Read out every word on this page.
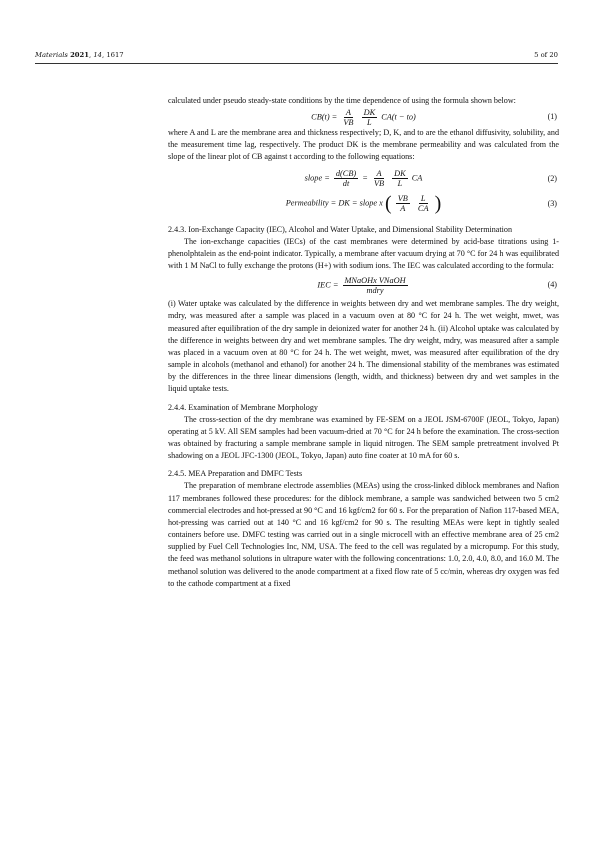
Materials 2021, 14, 1617	5 of 20

calculated under pseudo steady-state conditions by the time dependence of using the formula shown below:

$CB(t) = \frac{A}{VB}$
$\frac{DK}{L} CA(t - to)$	(1)

where A and L are the membrane area and thickness respectively; D, K, and to are the ethanol diffusivity, solubility, and the measurement time lag, respectively. The product DK is the membrane permeability and was calculated from the slope of the linear plot of CB against t according to the following equations:

slope = $\frac{d(CB)}{dt} = \frac{A}{VB}$
$\frac{DK}{L}$ CA	(2)
Permeability = DK = slope x ( $\frac{VB}{A}$
$\frac{L}{CA}$ )	(3)

2.4.3. Ion-Exchange Capacity (IEC), Alcohol and Water Uptake, and Dimensional Stability Determination

The ion-exchange capacities (IECs) of the cast membranes were determined by acid-base titrations using 1-phenolphtalein as the end-point indicator. Typically, a membrane after vacuum drying at 70 °C for 24 h was equilibrated with 1 M NaCl to fully exchange the protons (H+) with sodium ions. The IEC was calculated according to the formula:

IEC = $\frac{\text{MNaOHx VNaOH}}{\text{mdry}}$	(4)

(i) Water uptake was calculated by the difference in weights between dry and wet membrane samples. The dry weight, mdry, was measured after a sample was placed in a vacuum oven at 80 °C for 24 h. The wet weight, mwet, was measured after equilibration of the dry sample in deionized water for another 24 h. (ii) Alcohol uptake was calculated by the difference in weights between dry and wet membrane samples. The dry weight, mdry, was measured after a sample was placed in a vacuum oven at 80 °C for 24 h. The wet weight, mwet, was measured after equilibration of the dry sample in alcohols (methanol and ethanol) for another 24 h. The dimensional stability of the membranes was estimated by the differences in the three linear dimensions (length, width, and thickness) between dry and wet samples in the liquid uptake tests.

2.4.4. Examination of Membrane Morphology

The cross-section of the dry membrane was examined by FE-SEM on a JEOL JSM-6700F (JEOL, Tokyo, Japan) operating at 5 kV. All SEM samples had been vacuum-dried at 70 °C for 24 h before the examination. The cross-section was obtained by fracturing a sample membrane sample in liquid nitrogen. The SEM sample pretreatment involved Pt shadowing on a JEOL JFC-1300 (JEOL, Tokyo, Japan) auto fine coater at 10 mA for 60 s.

2.4.5. MEA Preparation and DMFC Tests

The preparation of membrane electrode assemblies (MEAs) using the cross-linked diblock membranes and Nafion 117 membranes followed these procedures: for the diblock membrane, a sample was sandwiched between two 5 cm2 commercial electrodes and hot-pressed at 90 °C and 16 kgf/cm2 for 60 s. For the preparation of Nafion 117-based MEA, hot-pressing was carried out at 140 °C and 16 kgf/cm2 for 90 s. The resulting MEAs were kept in tightly sealed containers before use. DMFC testing was carried out in a single microcell with an effective membrane area of 25 cm2 supplied by Fuel Cell Technologies Inc, NM, USA. The feed to the cell was regulated by a micropump. For this study, the feed was methanol solutions in ultrapure water with the following concentrations: 1.0, 2.0, 4.0, 8.0, and 16.0 M. The methanol solution was delivered to the anode compartment at a fixed flow rate of 5 cc/min, whereas dry oxygen was fed to the cathode compartment at a fixed
